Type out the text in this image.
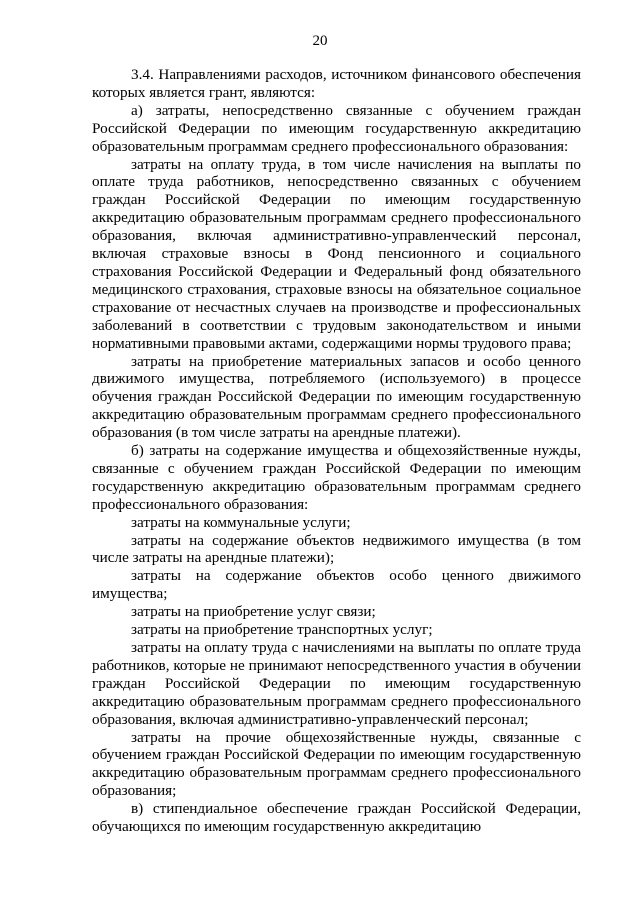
20

3.4. Направлениями расходов, источником финансового обеспечения которых является грант, являются:

а) затраты, непосредственно связанные с обучением граждан Российской Федерации по имеющим государственную аккредитацию образовательным программам среднего профессионального образования:

затраты на оплату труда, в том числе начисления на выплаты по оплате труда работников, непосредственно связанных с обучением граждан Российской Федерации по имеющим государственную аккредитацию образовательным программам среднего профессионального образования, включая административно-управленческий персонал, включая страховые взносы в Фонд пенсионного и социального страхования Российской Федерации и Федеральный фонд обязательного медицинского страхования, страховые взносы на обязательное социальное страхование от несчастных случаев на производстве и профессиональных заболеваний в соответствии с трудовым законодательством и иными нормативными правовыми актами, содержащими нормы трудового права;

затраты на приобретение материальных запасов и особо ценного движимого имущества, потребляемого (используемого) в процессе обучения граждан Российской Федерации по имеющим государственную аккредитацию образовательным программам среднего профессионального образования (в том числе затраты на арендные платежи).

б) затраты на содержание имущества и общехозяйственные нужды, связанные с обучением граждан Российской Федерации по имеющим государственную аккредитацию образовательным программам среднего профессионального образования:

затраты на коммунальные услуги;

затраты на содержание объектов недвижимого имущества (в том числе затраты на арендные платежи);

затраты на содержание объектов особо ценного движимого имущества;

затраты на приобретение услуг связи;

затраты на приобретение транспортных услуг;

затраты на оплату труда с начислениями на выплаты по оплате труда работников, которые не принимают непосредственного участия в обучении граждан Российской Федерации по имеющим государственную аккредитацию образовательным программам среднего профессионального образования, включая административно-управленческий персонал;

затраты на прочие общехозяйственные нужды, связанные с обучением граждан Российской Федерации по имеющим государственную аккредитацию образовательным программам среднего профессионального образования;

в) стипендиальное обеспечение граждан Российской Федерации, обучающихся по имеющим государственную аккредитацию
